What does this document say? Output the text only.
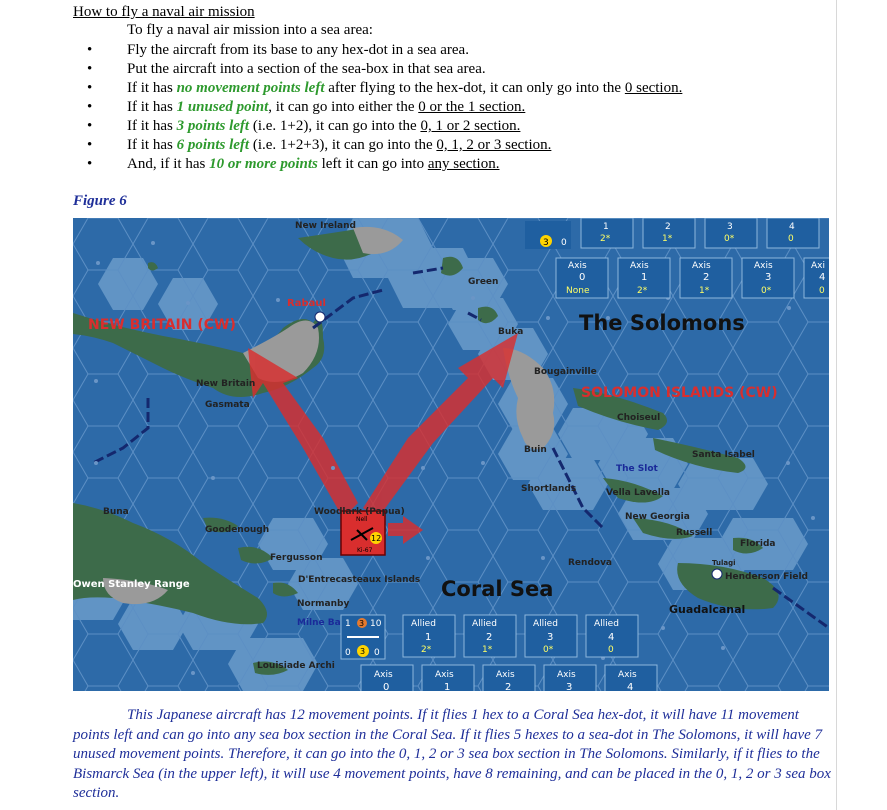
How to fly a naval air mission
To fly a naval air mission into a sea area:
• Fly the aircraft from its base to any hex-dot in a sea area.
• Put the aircraft into a section of the sea-box in that sea area.
• If it has no movement points left after flying to the hex-dot, it can only go into the 0 section.
• If it has 1 unused point, it can go into either the 0 or the 1 section.
• If it has 3 points left (i.e. 1+2), it can go into the 0, 1 or 2 section.
• If it has 6 points left (i.e. 1+2+3), it can go into the 0, 1, 2 or 3 section.
• And, if it has 10 or more points left it can go into any section.
Figure 6
3 0
1
2*
2
1*
3
0*
4
0
Axis
0
None
Axis
1
2*
Axis
2
1*
Axis
3
0*
Axi
4
0
Allied
1
2*
Allied
2
1*
Allied
3
0*
Allied
4
0
Axis
0
Axis
1
Axis
2
Axis
3
Axis
4
Nell
12
Ki-67
1 3 10
0 3 0
New Ireland
Rabaul
NEW BRITAIN (CW)
New Britain
Gasmata
Green
Buka	The Solomons
Bougainville
SOLOMON ISLANDS (CW)
Choiseul
Santa Isabel
The Slot
Buin
Shortlands	Vella Lavella
New Georgia
Russell
Florida
Tulagi
Henderson Field
Guadalcanal
Rendova
Buna
Goodenough
Woodlark (Papua)
Fergusson
D'Entrecasteaux Islands
Owen Stanley Range
Normanby
Coral Sea
Milne Ba
Louisiade Archi
This Japanese aircraft has 12 movement points. If it flies 1 hex to a Coral Sea hex-dot, it will have 11 movement points left and can go into any sea box section in the Coral Sea. If it flies 5 hexes to a sea-dot in The Solomons, it will have 7 unused movement points. Therefore, it can go into the 0, 1, 2 or 3 sea box section in The Solomons. Similarly, if it flies to the Bismarck Sea (in the upper left), it will use 4 movement points, have 8 remaining, and can be placed in the 0, 1, 2 or 3 sea box section.
